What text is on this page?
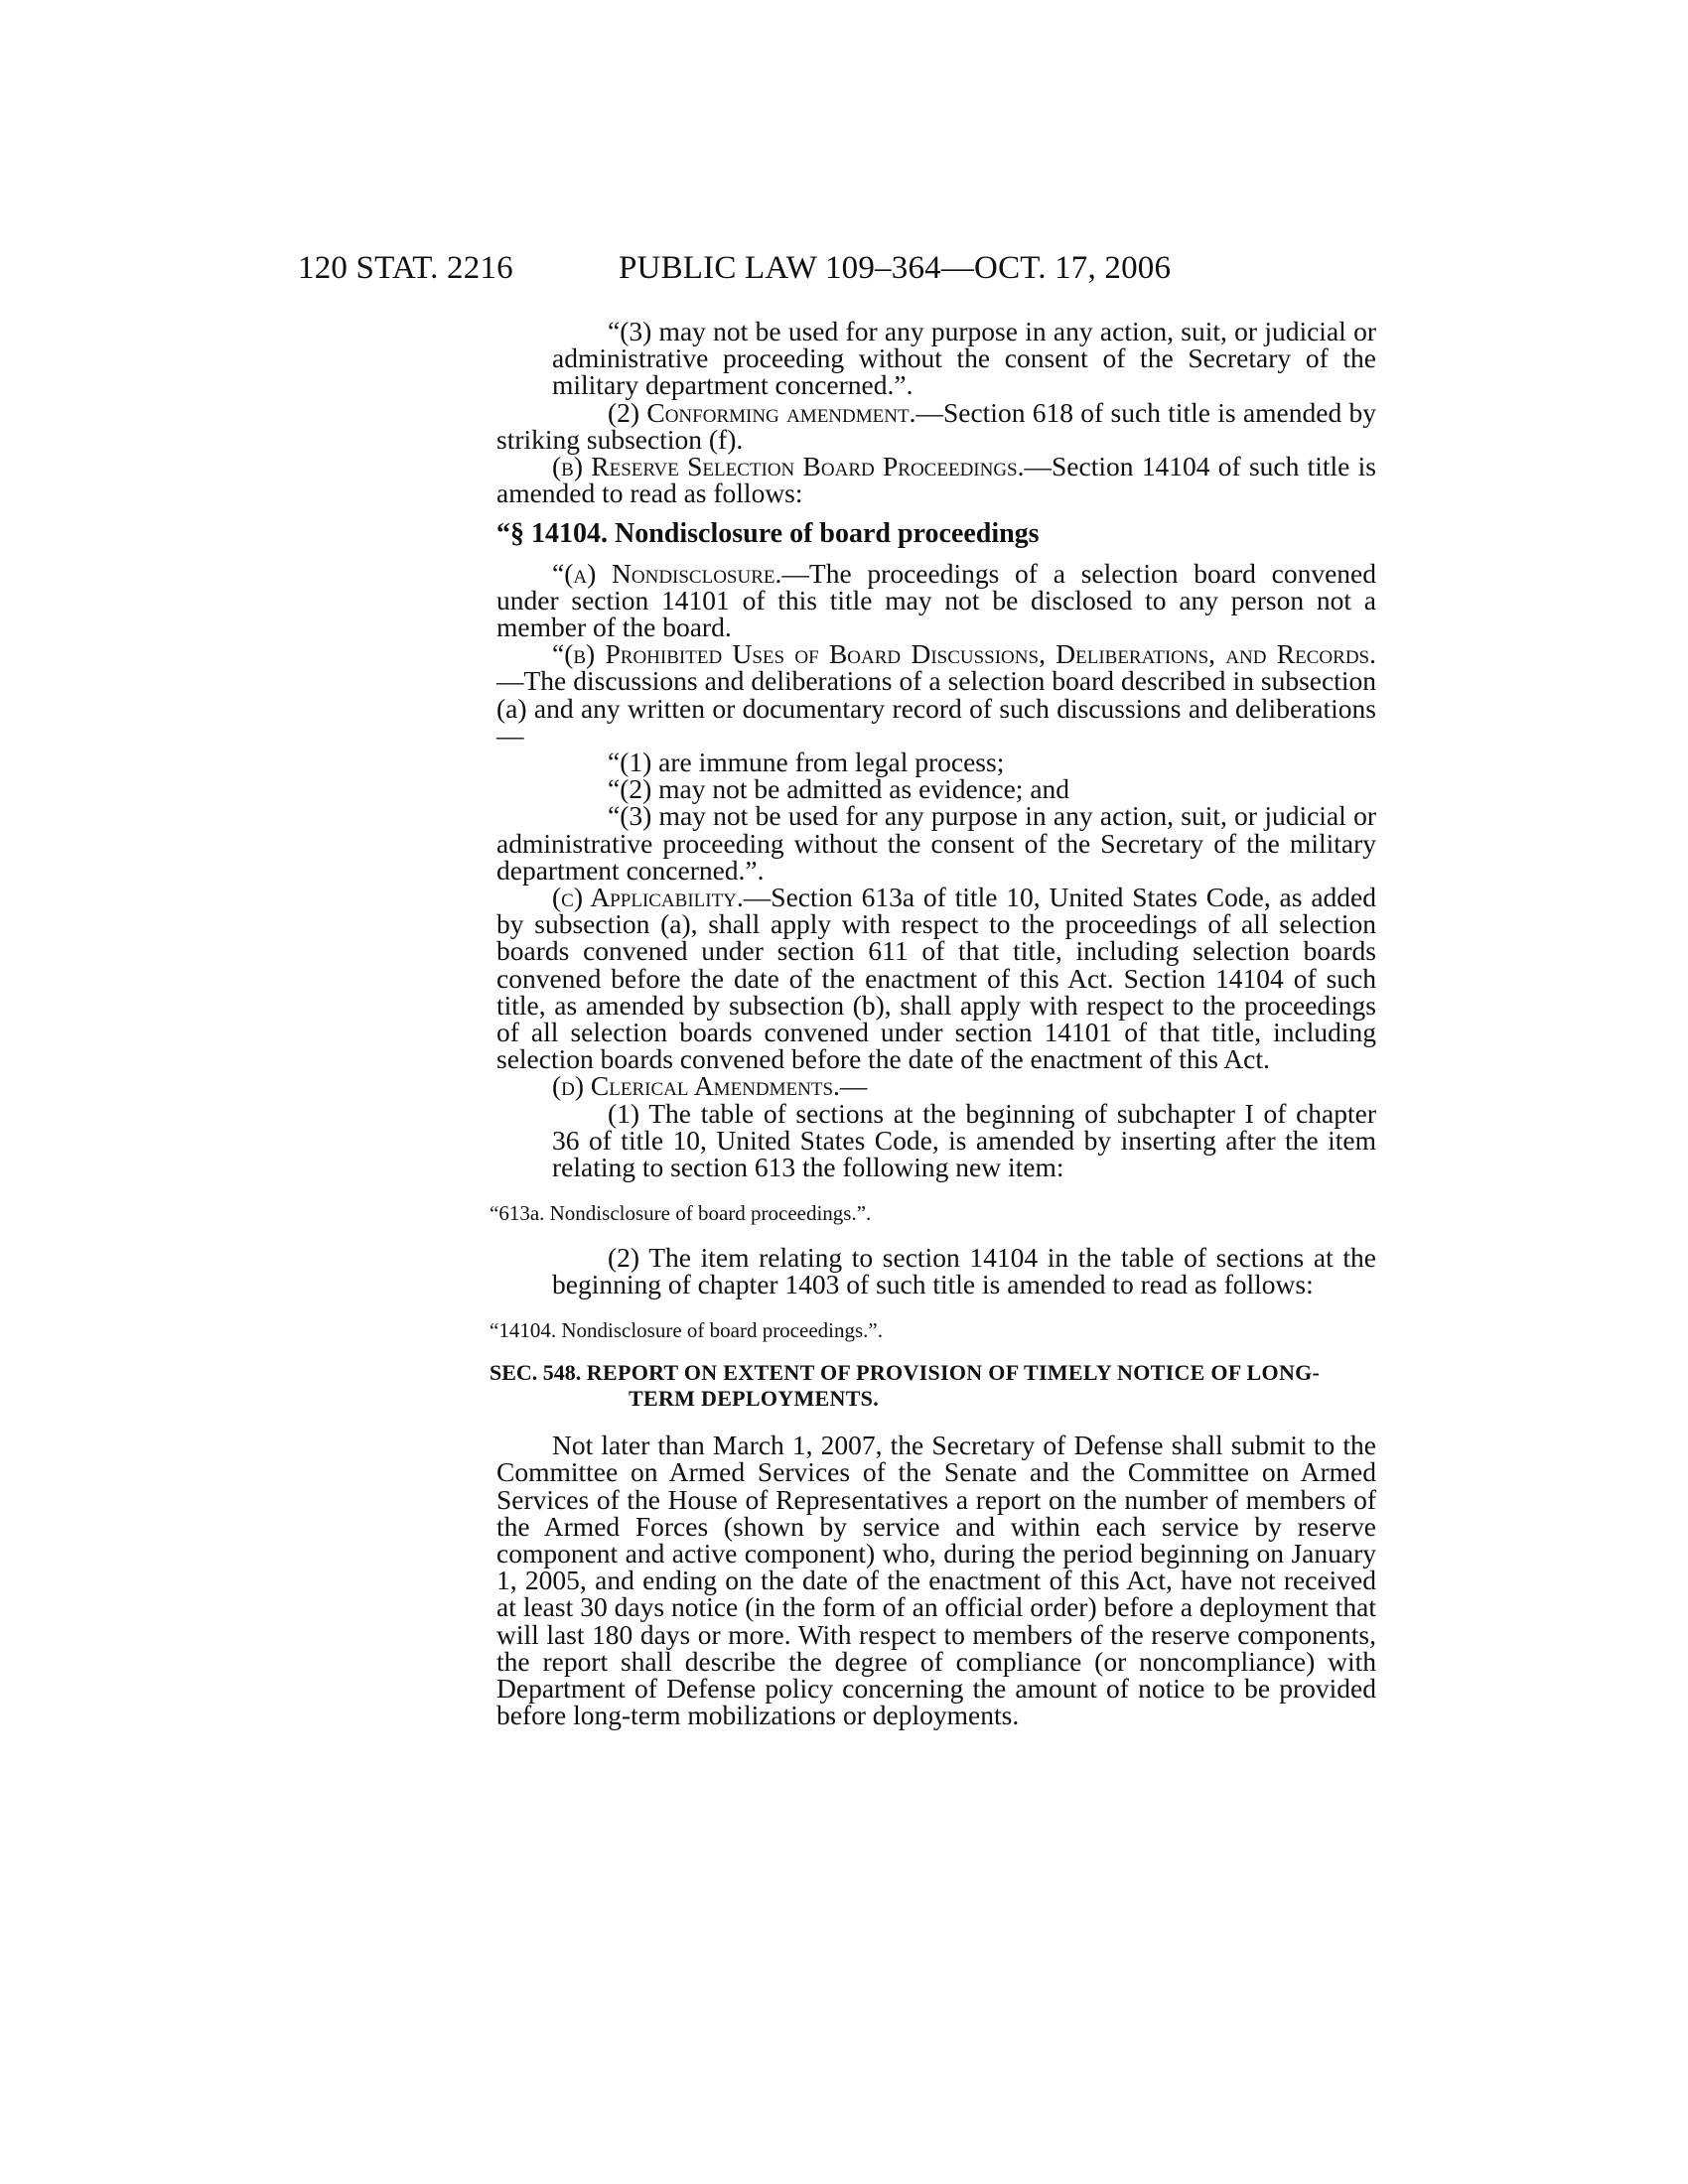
120 STAT. 2216	PUBLIC LAW 109–364—OCT. 17, 2006

“(3) may not be used for any purpose in any action, suit, or judicial or administrative proceeding without the consent of the Secretary of the military department concerned.”.

(2) Conforming amendment.—Section 618 of such title is amended by striking subsection (f).

(b) Reserve Selection Board Proceedings.—Section 14104 of such title is amended to read as follows:

“§ 14104. Nondisclosure of board proceedings

“(a) Nondisclosure.—The proceedings of a selection board convened under section 14101 of this title may not be disclosed to any person not a member of the board.

“(b) Prohibited Uses of Board Discussions, Deliberations, and Records.—The discussions and deliberations of a selection board described in subsection (a) and any written or documentary record of such discussions and deliberations—

“(1) are immune from legal process;

“(2) may not be admitted as evidence; and

“(3) may not be used for any purpose in any action, suit, or judicial or administrative proceeding without the consent of the Secretary of the military department concerned.”.

(c) Applicability.—Section 613a of title 10, United States Code, as added by subsection (a), shall apply with respect to the proceedings of all selection boards convened under section 611 of that title, including selection boards convened before the date of the enactment of this Act. Section 14104 of such title, as amended by subsection (b), shall apply with respect to the proceedings of all selection boards convened under section 14101 of that title, including selection boards convened before the date of the enactment of this Act.

(d) Clerical Amendments.—

(1) The table of sections at the beginning of subchapter I of chapter 36 of title 10, United States Code, is amended by inserting after the item relating to section 613 the following new item:

“613a. Nondisclosure of board proceedings.”.

(2) The item relating to section 14104 in the table of sections at the beginning of chapter 1403 of such title is amended to read as follows:

“14104. Nondisclosure of board proceedings.”.
SEC. 548. REPORT ON EXTENT OF PROVISION OF TIMELY NOTICE OF LONG-TERM DEPLOYMENTS.

Not later than March 1, 2007, the Secretary of Defense shall submit to the Committee on Armed Services of the Senate and the Committee on Armed Services of the House of Representatives a report on the number of members of the Armed Forces (shown by service and within each service by reserve component and active component) who, during the period beginning on January 1, 2005, and ending on the date of the enactment of this Act, have not received at least 30 days notice (in the form of an official order) before a deployment that will last 180 days or more. With respect to members of the reserve components, the report shall describe the degree of compliance (or noncompliance) with Department of Defense policy concerning the amount of notice to be provided before long-term mobilizations or deployments.
